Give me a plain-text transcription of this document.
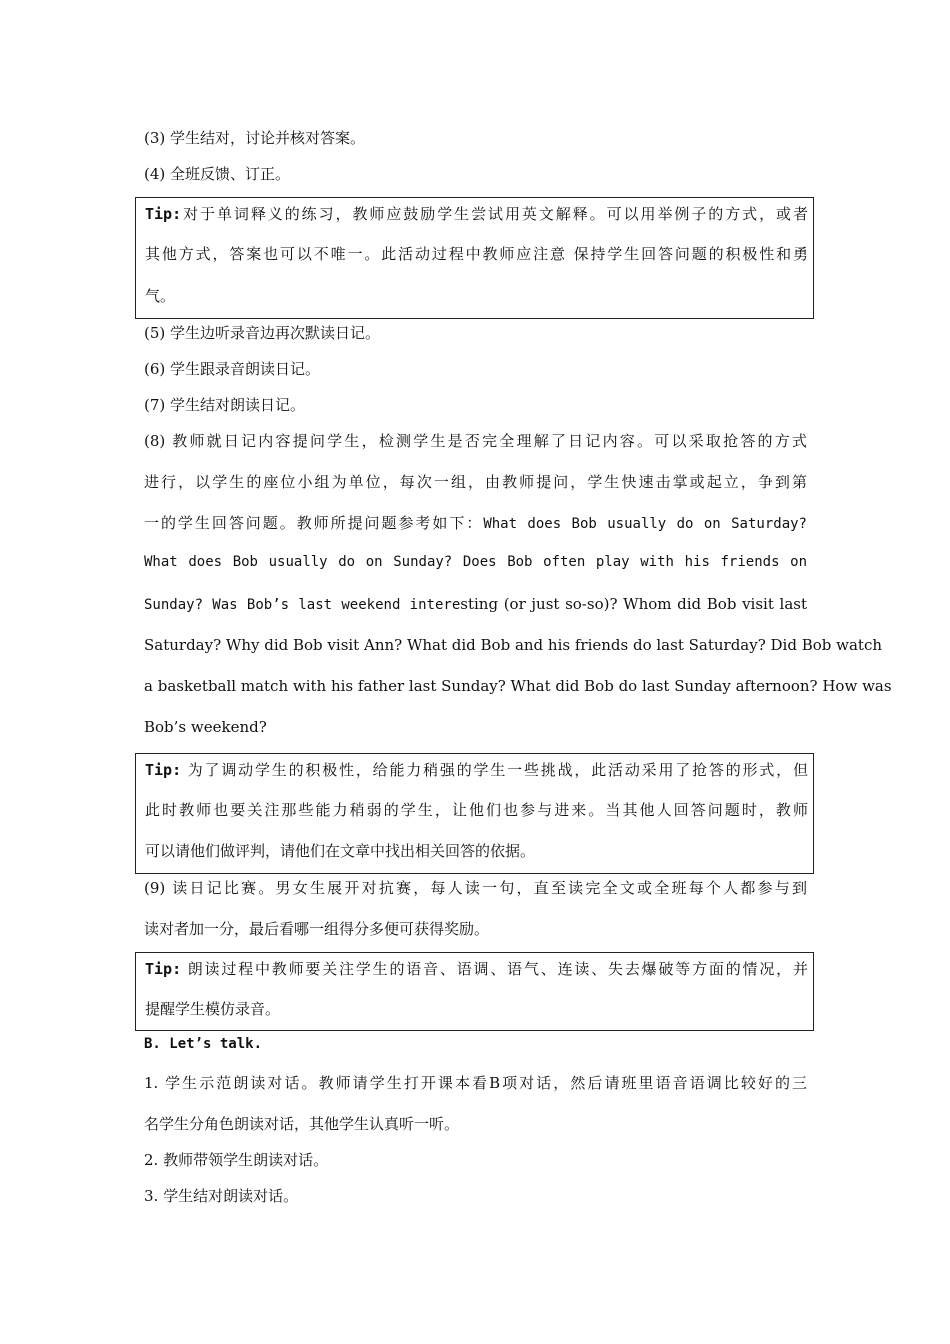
(3) 学生结对，讨论并核对答案。
(4) 全班反馈、订正。
Tip:对于单词释义的练习，教师应鼓励学生尝试用英文解释。可以用举例子的方式，或者
其他方式，答案也可以不唯一。此活动过程中教师应注意 保持学生回答问题的积极性和勇
气。
(5) 学生边听录音边再次默读日记。
(6) 学生跟录音朗读日记。
(7) 学生结对朗读日记。
(8) 教师就日记内容提问学生，检测学生是否完全理解了日记内容。可以采取抢答的方式
进行，以学生的座位小组为单位，每次一组，由教师提问，学生快速击掌或起立，争到第
一的学生回答问题。教师所提问题参考如下：What does Bob usually do on Saturday?
What does Bob usually do on Sunday? Does Bob often play with his friends on
Sunday? Was Bob’s last weekend interesting (or just so-so)? Whom did Bob visit last
Saturday? Why did Bob visit Ann? What did Bob and his friends do last Saturday? Did Bob watch
a basketball match with his father last Sunday? What did Bob do last Sunday afternoon? How was
Bob’s weekend?
Tip: 为了调动学生的积极性，给能力稍强的学生一些挑战，此活动采用了抢答的形式，但
此时教师也要关注那些能力稍弱的学生，让他们也参与进来。当其他人回答问题时，教师
可以请他们做评判，请他们在文章中找出相关回答的依据。
(9) 读日记比赛。男女生展开对抗赛，每人读一句，直至读完全文或全班每个人都参与到
读对者加一分，最后看哪一组得分多便可获得奖励。
Tip: 朗读过程中教师要关注学生的语音、语调、语气、连读、失去爆破等方面的情况，并
提醒学生模仿录音。
B. Let’s talk.
1. 学生示范朗读对话。教师请学生打开课本看B项对话，然后请班里语音语调比较好的三
名学生分角色朗读对话，其他学生认真听一听。
2. 教师带领学生朗读对话。
3. 学生结对朗读对话。
